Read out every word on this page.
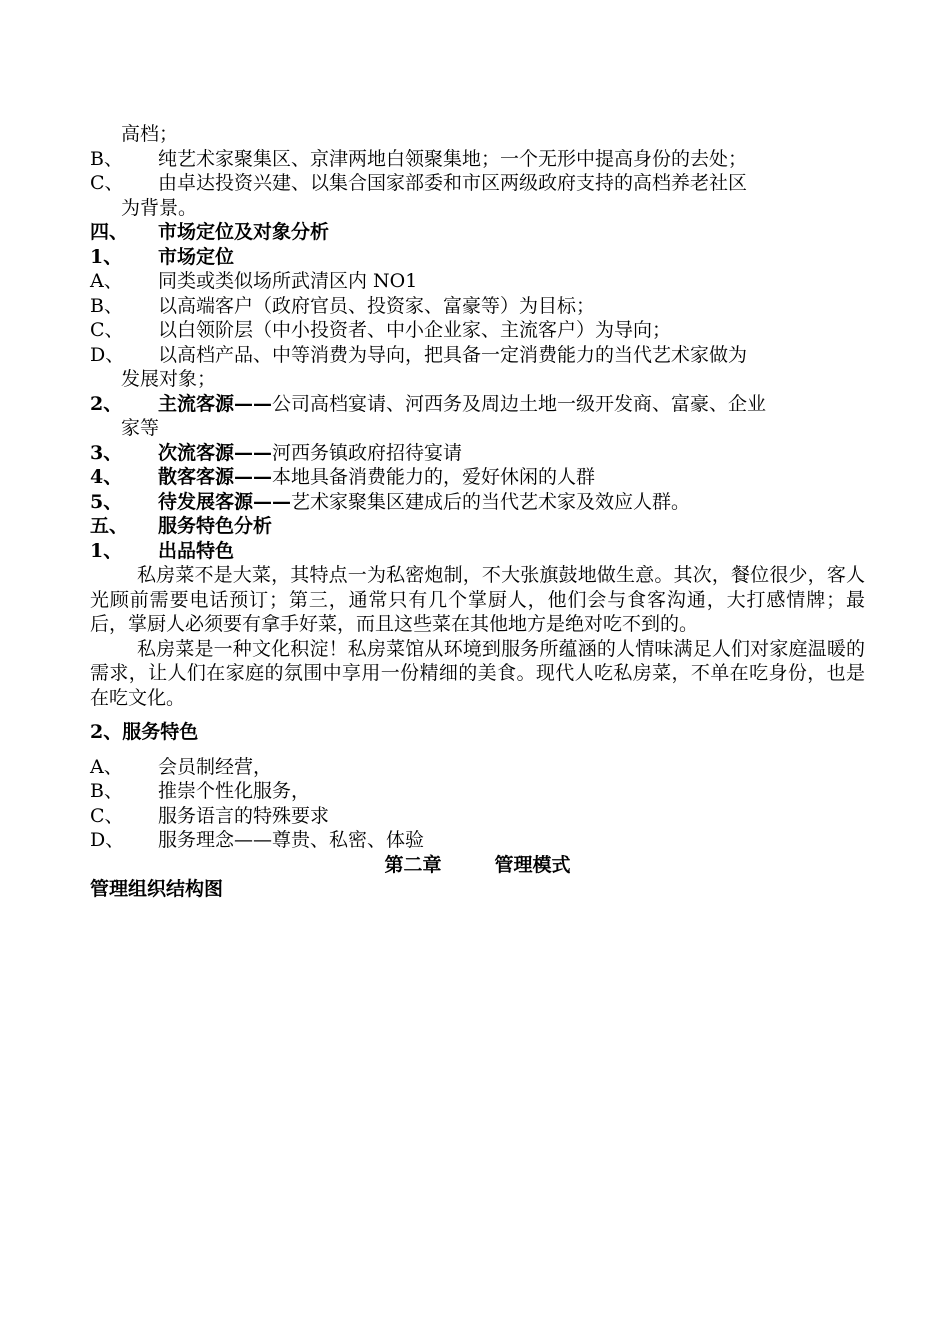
高档；
B、	纯艺术家聚集区、京津两地白领聚集地；一个无形中提高身份的去处；
C、	由卓达投资兴建、以集合国家部委和市区两级政府支持的高档养老社区
为背景。
四、	市场定位及对象分析
1、	市场定位
A、	同类或类似场所武清区内 NO1
B、	以高端客户（政府官员、投资家、富豪等）为目标；
C、	以白领阶层（中小投资者、中小企业家、主流客户）为导向；
D、	以高档产品、中等消费为导向，把具备一定消费能力的当代艺术家做为
发展对象；
2、	主流客源——公司高档宴请、河西务及周边土地一级开发商、富豪、企业
家等
3、	次流客源——河西务镇政府招待宴请
4、	散客客源——本地具备消费能力的，爱好休闲的人群
5、	待发展客源——艺术家聚集区建成后的当代艺术家及效应人群。
五、	服务特色分析
1、	出品特色
私房菜不是大菜，其特点一为私密炮制，不大张旗鼓地做生意。其次，餐位很少，客人光顾前需要电话预订；第三，通常只有几个掌厨人，他们会与食客沟通，大打感情牌；最后，掌厨人必须要有拿手好菜，而且这些菜在其他地方是绝对吃不到的。
私房菜是一种文化积淀！私房菜馆从环境到服务所蕴涵的人情味满足人们对家庭温暖的需求，让人们在家庭的氛围中享用一份精细的美食。现代人吃私房菜，不单在吃身份，也是在吃文化。
2、服务特色
A、	会员制经营，
B、	推崇个性化服务，
C、	服务语言的特殊要求
D、	服务理念——尊贵、私密、体验
第二章        管理模式
管理组织结构图
